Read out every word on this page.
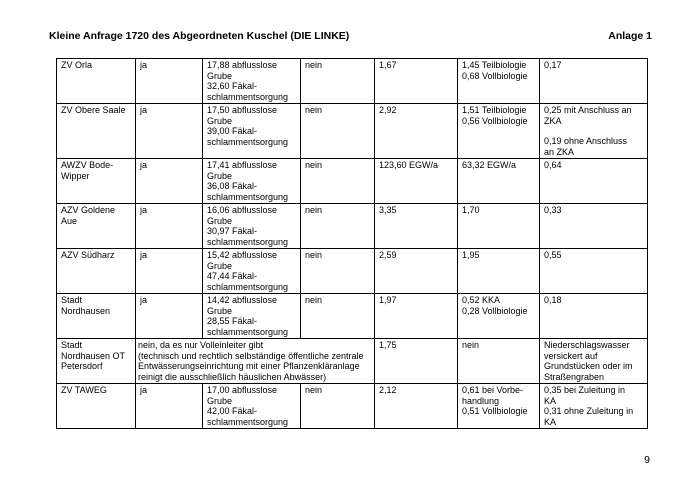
Kleine Anfrage 1720 des Abgeordneten Kuschel (DIE LINKE)	Anlage 1
ZV Orla	ja	17,88 abflusslose
Grube
32,60 Fäkal-
schlammentsorgung	nein	1,67	1,45 Teilbiologie
0,68 Vollbiologie	0,17

ZV Obere Saale	ja	17,50 abflusslose
Grube
39,00 Fäkal-
schlammentsorgung	nein	2,92	1,51 Teilbiologie
0,56 Vollbiologie	0,25 mit Anschluss an
ZKA
0,19 ohne Anschluss
an ZKA

AWZV Bode-
Wipper	ja	17,41 abflusslose
Grube
36,08 Fäkal-
schlammentsorgung	nein	123,60 EGW/a	63,32 EGW/a	0,64

AZV Goldene
Aue	ja	16,06 abflusslose
Grube
30,97 Fäkal-
schlammentsorgung	nein	3,35	1,70	0,33

AZV Südharz	ja	15,42 abflusslose
Grube
47,44 Fäkal-
schlammentsorgung	nein	2,59	1,95	0,55

Stadt
Nordhausen	ja	14,42 abflusslose
Grube
28,55 Fäkal-
schlammentsorgung	nein	1,97	0,52 KKA
0,28 Vollbiologie	0,18

Stadt
Nordhausen OT
Petersdorf	nein, da es nur Volleinleiter gibt
(technisch und rechtlich selbständige öffentliche zentrale
Entwässerungseinrichtung mit einer Pflanzenkläranlage
reinigt die ausschließlich häuslichen Abwässer)			1,75	nein	Niederschlagswasser
versickert auf
Grundstücken oder im
Straßengraben

ZV TAWEG	ja	17,00 abflusslose
Grube
42,00 Fäkal-
schlammentsorgung	nein	2,12	0,61 bei Vorbe-
handlung
0,51 Vollbiologie	0,35 bei Zuleitung in
KA
0,31 ohne Zuleitung in
KA
9
